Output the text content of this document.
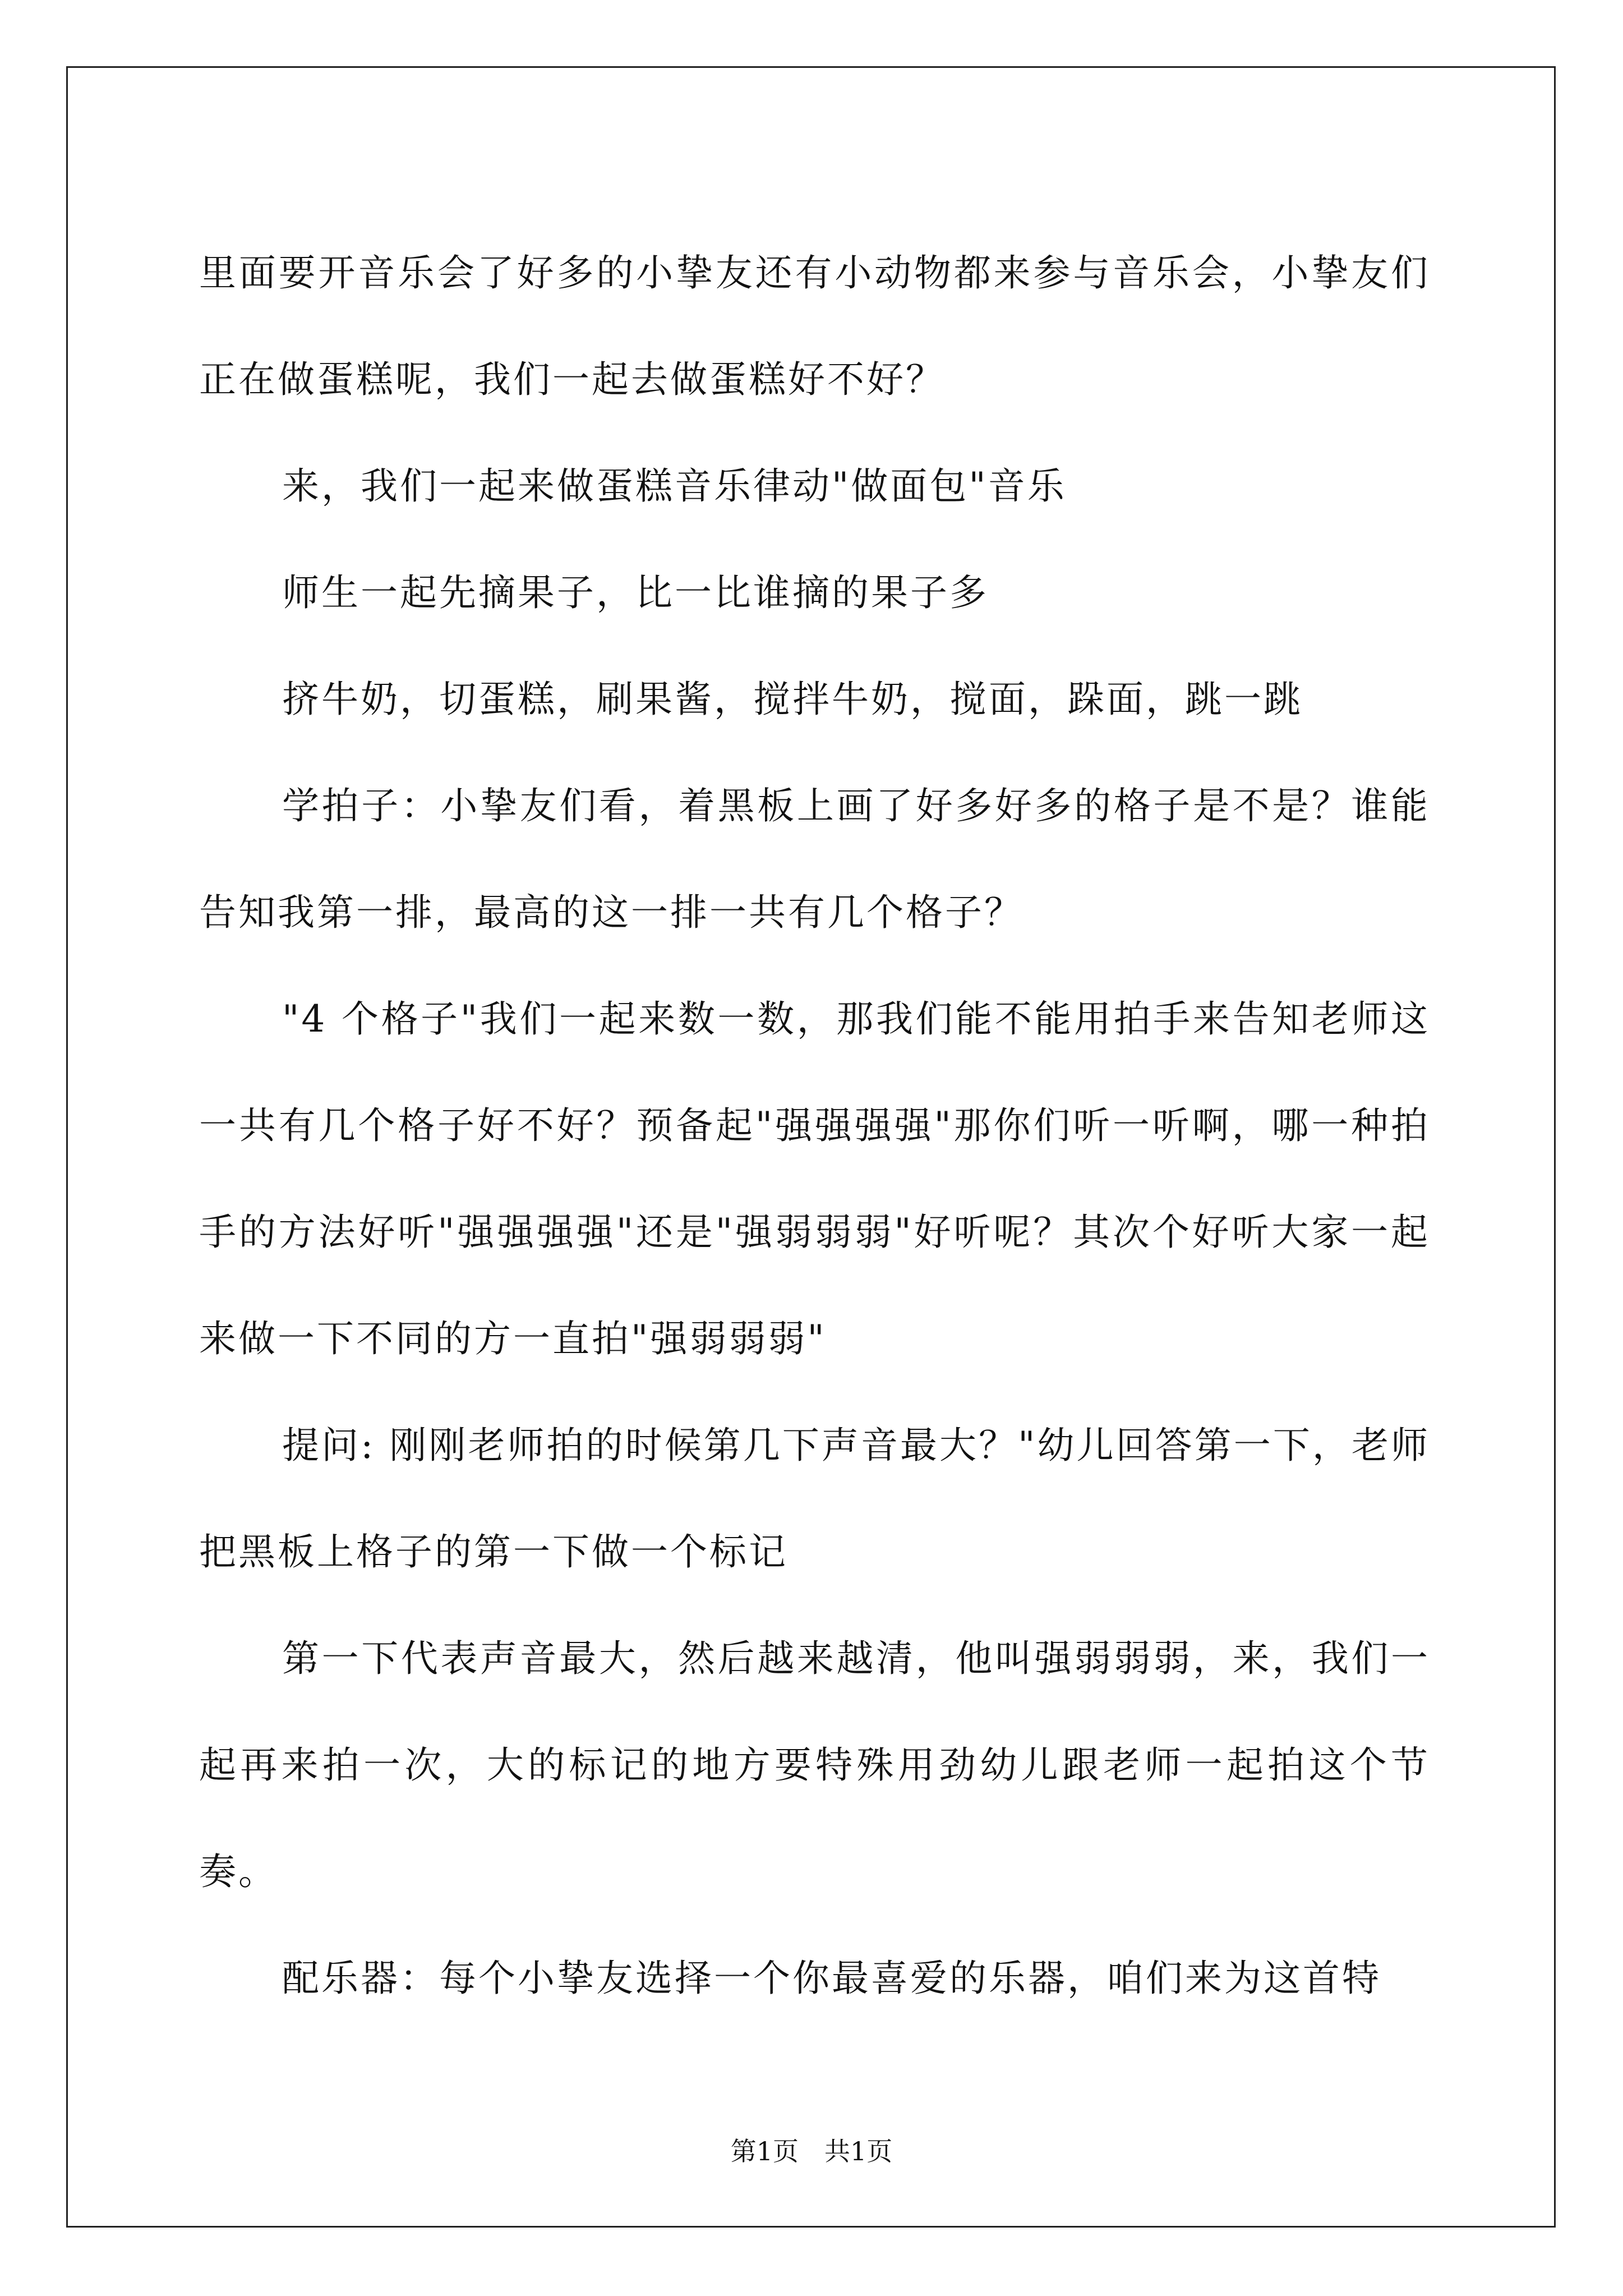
里面要开音乐会了好多的小挚友还有小动物都来参与音乐会，小挚友们正在做蛋糕呢，我们一起去做蛋糕好不好？

来，我们一起来做蛋糕音乐律动"做面包"音乐

师生一起先摘果子，比一比谁摘的果子多

挤牛奶，切蛋糕，刷果酱，搅拌牛奶，搅面，跺面，跳一跳

学拍子：小挚友们看，着黑板上画了好多好多的格子是不是？谁能告知我第一排，最高的这一排一共有几个格子？

"4 个格子"我们一起来数一数，那我们能不能用拍手来告知老师这一共有几个格子好不好？预备起"强强强强"那你们听一听啊，哪一种拍手的方法好听"强强强强"还是"强弱弱弱"好听呢？其次个好听大家一起来做一下不同的方一直拍"强弱弱弱"

提问: 刚刚老师拍的时候第几下声音最大？"幼儿回答第一下，老师把黑板上格子的第一下做一个标记

第一下代表声音最大，然后越来越清，他叫强弱弱弱，来，我们一起再来拍一次，大的标记的地方要特殊用劲幼儿跟老师一起拍这个节奏。

配乐器：每个小挚友选择一个你最喜爱的乐器，咱们来为这首特

第1页　共1页
